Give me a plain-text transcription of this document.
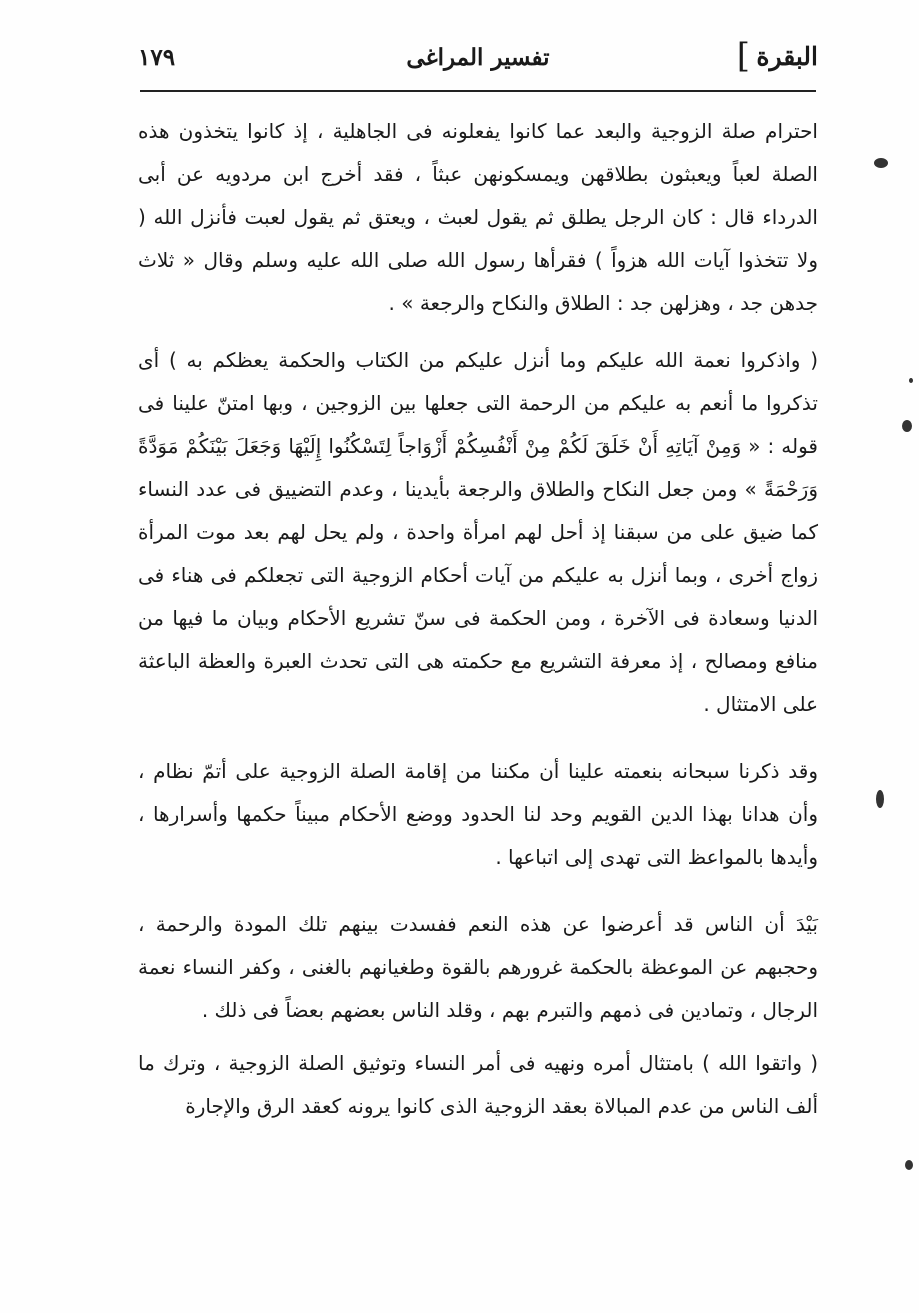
البقرة
]
تفسير المراغى
١٧٩

احترام صلة الزوجية والبعد عما كانوا يفعلونه فى الجاهلية ، إذ كانوا يتخذون هذه الصلة لعباً ويعبثون بطلاقهن ويمسكونهن عبثاً ، فقد أخرج ابن مردويه عن أبى الدرداء قال : كان الرجل يطلق ثم يقول لعبث ، ويعتق ثم يقول لعبت فأنزل الله ( ولا تتخذوا آيات الله هزواً ) فقرأها رسول الله صلى الله عليه وسلم وقال « ثلاث جدهن جد ، وهزلهن جد : الطلاق والنكاح والرجعة » .

( واذكروا نعمة الله عليكم وما أنزل عليكم من الكتاب والحكمة يعظكم به ) أى تذكروا ما أنعم به عليكم من الرحمة التى جعلها بين الزوجين ، وبها امتنّ علينا فى قوله : « وَمِنْ آيَاتِهِ أَنْ خَلَقَ لَكُمْ مِنْ أَنْفُسِكُمْ أَزْوَاجاً لِتَسْكُنُوا إِلَيْهَا وَجَعَلَ بَيْنَكُمْ مَوَدَّةً وَرَحْمَةً » ومن جعل النكاح والطلاق والرجعة بأيدينا ، وعدم التضييق فى عدد النساء كما ضيق على من سبقنا إذ أحل لهم امرأة واحدة ، ولم يحل لهم بعد موت المرأة زواج أخرى ، وبما أنزل به عليكم من آيات أحكام الزوجية التى تجعلكم فى هناء فى الدنيا وسعادة فى الآخرة ، ومن الحكمة فى سنّ تشريع الأحكام وبيان ما فيها من منافع ومصالح ، إذ معرفة التشريع مع حكمته هى التى تحدث العبرة والعظة الباعثة على الامتثال .

وقد ذكرنا سبحانه بنعمته علينا أن مكننا من إقامة الصلة الزوجية على أتمّ نظام ، وأن هدانا بهذا الدين القويم وحد لنا الحدود ووضع الأحكام مبيناً حكمها وأسرارها ، وأيدها بالمواعظ التى تهدى إلى اتباعها .

بَيْدَ أن الناس قد أعرضوا عن هذه النعم ففسدت بينهم تلك المودة والرحمة ، وحجبهم عن الموعظة بالحكمة غرورهم بالقوة وطغيانهم بالغنى ، وكفر النساء نعمة الرجال ، وتمادين فى ذمهم والتبرم بهم ، وقلد الناس بعضهم بعضاً فى ذلك .

( واتقوا الله ) بامتثال أمره ونهيه فى أمر النساء وتوثيق الصلة الزوجية ، وترك ما ألف الناس من عدم المبالاة بعقد الزوجية الذى كانوا يرونه كعقد الرق والإجارة
